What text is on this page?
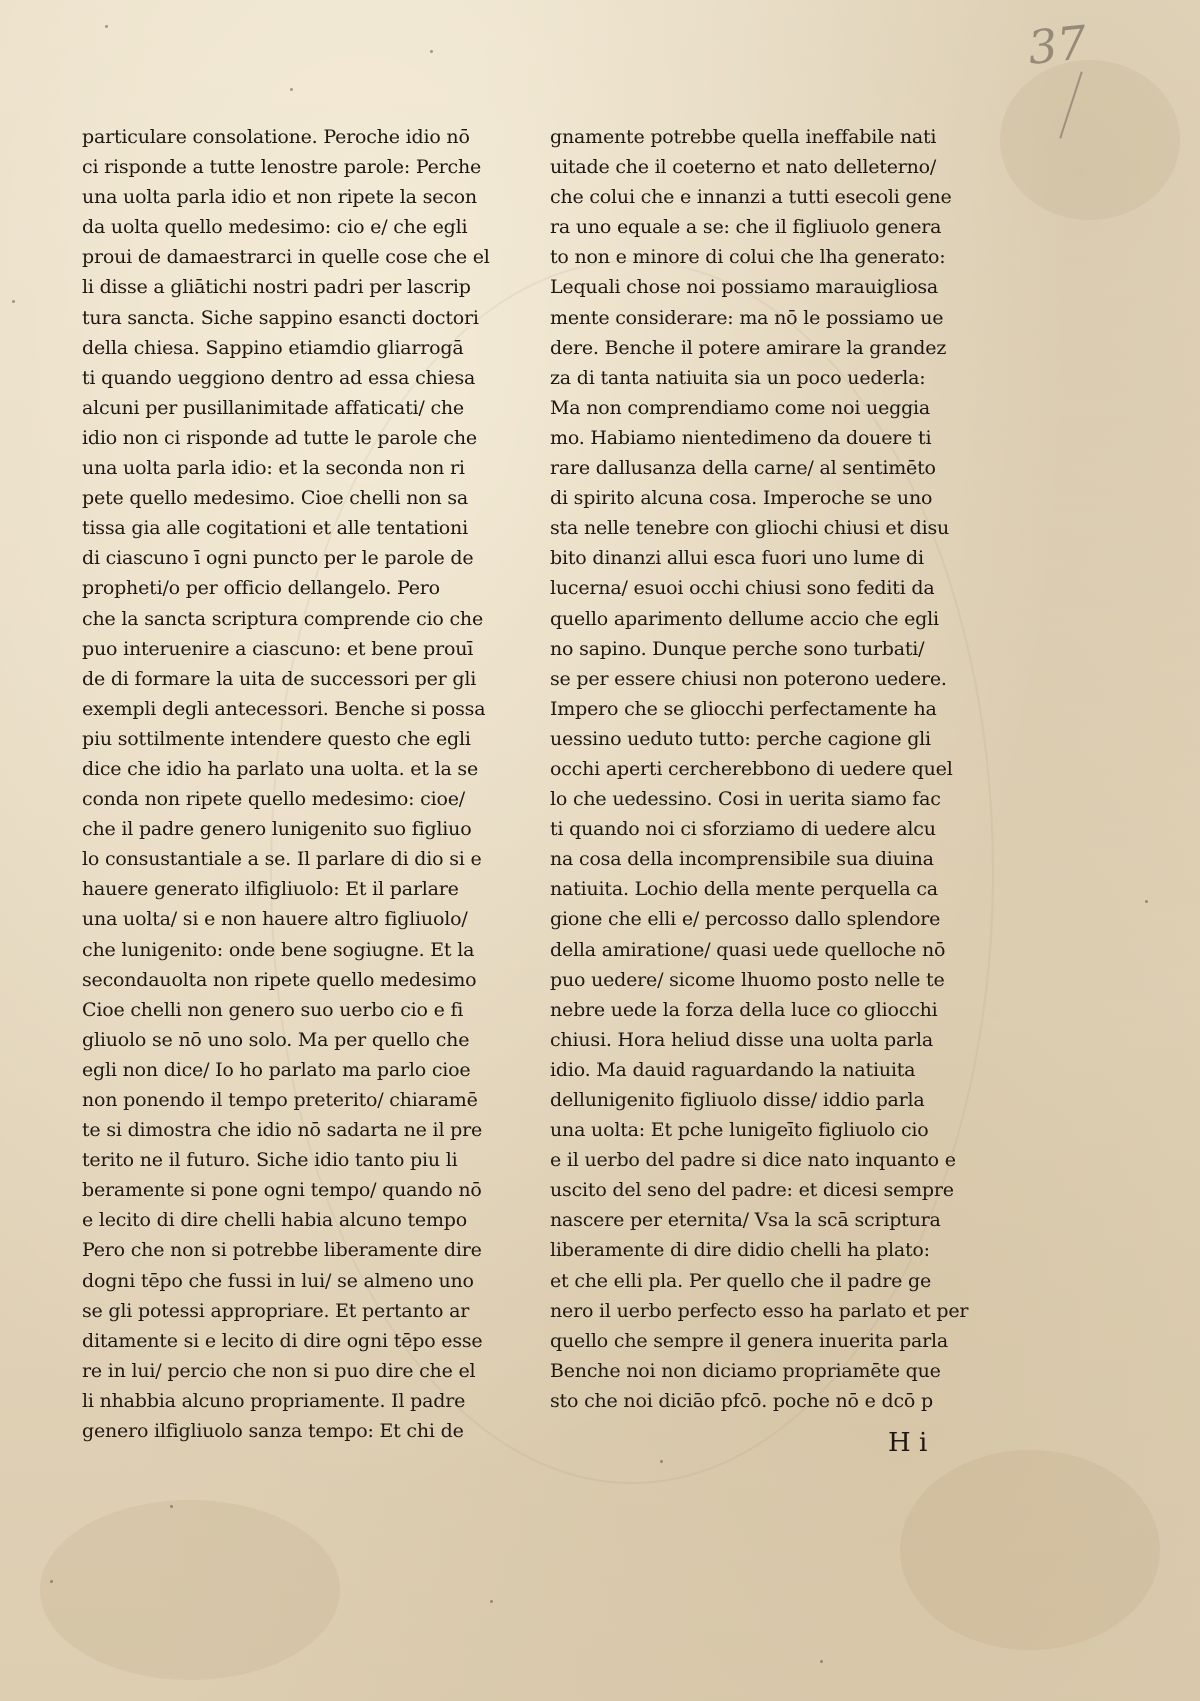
37
particulare consolatione. Peroche idio nō
ci risponde a tutte lenostre parole: Perche
una uolta parla idio et non ripete la secon
da uolta quello medesimo: cio e/ che egli
proui de damaestrarci in quelle cose che el
li disse a gliātichi nostri padri per lascrip
tura sancta. Siche sappino esancti doctori
della chiesa. Sappino etiamdio gliarrogā
ti quando ueggiono dentro ad essa chiesa
alcuni per pusillanimitade affaticati/ che
idio non ci risponde ad tutte le parole che
una uolta parla idio: et la seconda non ri
pete quello medesimo. Cioe chelli non sa
tissa gia alle cogitationi et alle tentationi
di ciascuno ī ogni puncto per le parole de
propheti/o per officio dellangelo. Pero
che la sancta scriptura comprende cio che
puo interuenire a ciascuno: et bene prouī
de di formare la uita de successori per gli
exempli degli antecessori. Benche si possa
piu sottilmente intendere questo che egli
dice che idio ha parlato una uolta. et la se
conda non ripete quello medesimo: cioe/
che il padre genero lunigenito suo figliuo
lo consustantiale a se. Il parlare di dio si e
hauere generato ilfigliuolo: Et il parlare
una uolta/ si e non hauere altro figliuolo/
che lunigenito: onde bene sogiugne. Et la
secondauolta non ripete quello medesimo
Cioe chelli non genero suo uerbo cio e fi
gliuolo se nō uno solo. Ma per quello che
egli non dice/ Io ho parlato ma parlo cioe
non ponendo il tempo preterito/ chiaramē
te si dimostra che idio nō sadarta ne il pre
terito ne il futuro. Siche idio tanto piu li
beramente si pone ogni tempo/ quando nō
e lecito di dire chelli habia alcuno tempo
Pero che non si potrebbe liberamente dire
dogni tēpo che fussi in lui/ se almeno uno
se gli potessi appropriare. Et pertanto ar
ditamente si e lecito di dire ogni tēpo esse
re in lui/ percio che non si puo dire che el
li nhabbia alcuno propriamente. Il padre
genero ilfigliuolo sanza tempo: Et chi de
gnamente potrebbe quella ineffabile nati
uitade che il coeterno et nato delleterno/
che colui che e innanzi a tutti esecoli gene
ra uno equale a se: che il figliuolo genera
to non e minore di colui che lha generato:
Lequali chose noi possiamo marauigliosa
mente considerare: ma nō le possiamo ue
dere. Benche il potere amirare la grandez
za di tanta natiuita sia un poco uederla:
Ma non comprendiamo come noi ueggia
mo. Habiamo nientedimeno da douere ti
rare dallusanza della carne/ al sentimēto
di spirito alcuna cosa. Imperoche se uno
sta nelle tenebre con gliochi chiusi et disu
bito dinanzi allui esca fuori uno lume di
lucerna/ esuoi occhi chiusi sono fediti da
quello aparimento dellume accio che egli
no sapino. Dunque perche sono turbati/
se per essere chiusi non poterono uedere.
Impero che se gliocchi perfectamente ha
uessino ueduto tutto: perche cagione gli
occhi aperti cercherebbono di uedere quel
lo che uedessino. Cosi in uerita siamo fac
ti quando noi ci sforziamo di uedere alcu
na cosa della incomprensibile sua diuina
natiuita. Lochio della mente perquella ca
gione che elli e/ percosso dallo splendore
della amiratione/ quasi uede quelloche nō
puo uedere/ sicome lhuomo posto nelle te
nebre uede la forza della luce co gliocchi
chiusi. Hora heliud disse una uolta parla
idio. Ma dauid raguardando la natiuita
dellunigenito figliuolo disse/ iddio parla
una uolta: Et pche lunigeīto figliuolo cio
e il uerbo del padre si dice nato inquanto e
uscito del seno del padre: et dicesi sempre
nascere per eternita/ Vsa la scā scriptura
liberamente di dire didio chelli ha plato:
et che elli pla. Per quello che il padre ge
nero il uerbo perfecto esso ha parlato et per
quello che sempre il genera inuerita parla
Benche noi non diciamo propriamēte que
sto che noi diciāo pfcō. poche nō e dcō p
H i
